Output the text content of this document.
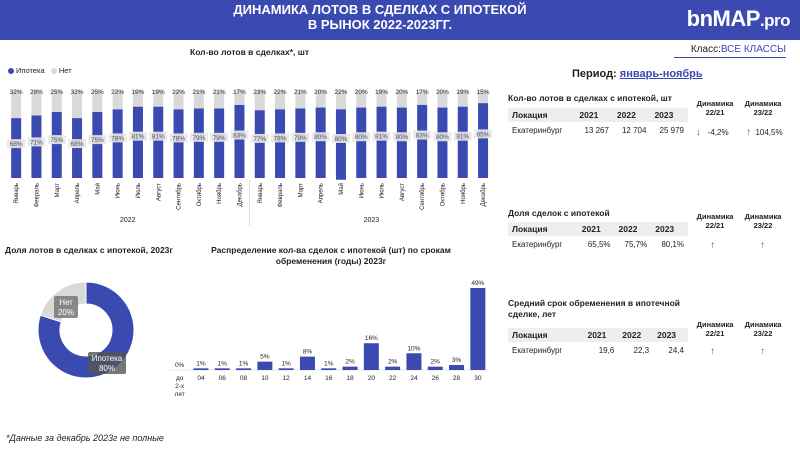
ДИНАМИКА ЛОТОВ В СДЕЛКАХ С ИПОТЕКОЙ
В РЫНОК 2022-2023ГГ.	bnMAP.pro
Класс:ВСЕ КЛАССЫ
Период: январь-ноябрь
Кол-во лотов в сделках*, шт
Ипотека Нет
32%
68%
Январь
29%
71%
Февраль
25%
75%
Март
32%
68%
Апрель
25%
75%
Май
22%
78%
Июнь
19%
81%
Июль
19%
81%
Август
22%
78%
Сентябрь
21%
79%
Октябрь
21%
79%
Ноябрь
17%
83%
Декабрь
23%
77%
Январь
22%
78%
Февраль
21%
79%
Март
20%
80%
Апрель
22%
80%
Май
20%
80%
Июнь
19%
81%
Июль
20%
80%
Август
17%
83%
Сентябрь
20%
80%
Октябрь
19%
81%
Ноябрь
15%
85%
Декабрь
2022	2023
Доля лотов в сделках с ипотекой, 2023г
Нет
20%
Ипотека
80%
Распределение кол-ва сделок с ипотекой (шт) по срокам обременения (годы) 2023г
0%
до
2-х
лет
1%
04
1%
06
1%
08
5%
10
1%
12
8%
14
1%
16
2%
18
16%
20
2%
22
10%
24
2%
26
3%
28
49%
30
Кол-во лотов в сделках с ипотекой, шт
Динамика 22/21
Динамика 23/22
Локация	2021	2022	2023
Екатеринбург	13 267	12 704	25 979 ↓ -4,2% ↑ 104,5%
Доля сделок с ипотекой	Динамика 22/21
Динамика 23/22
Локация	2021	2022	2023
Екатеринбург	65,5%	75,7%	80,1%	↑	↑
Средний срок обременения в ипотечной сделке, лет
Динамика 22/21
Динамика 23/22
Локация	2021	2022	2023
Екатеринбург	19,6	22,3	24,4	↑	↑
*Данные за декабрь 2023г не полные
